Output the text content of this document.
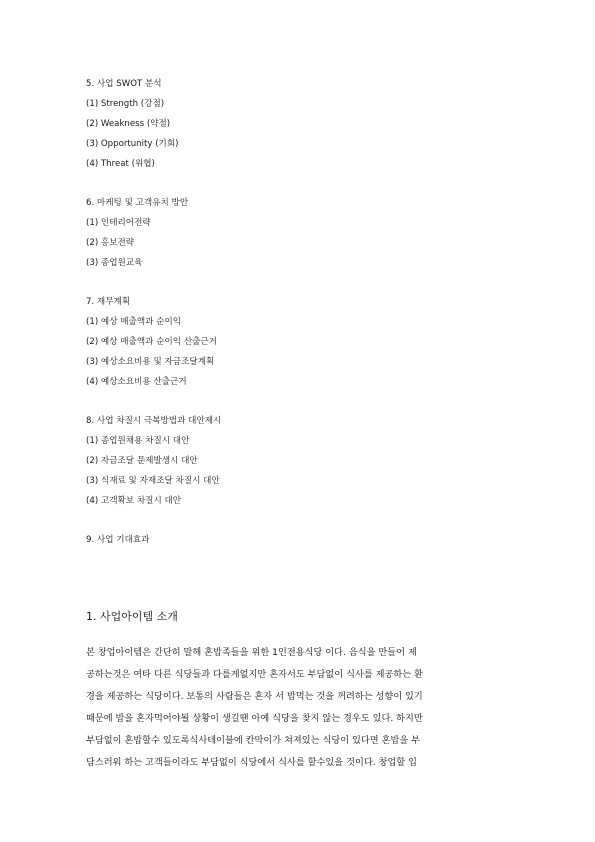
5. 사업 SWOT 분석
(1) Strength (강점)
(2) Weakness (약점)
(3) Opportunity (기회)
(4) Threat (위협)
6. 마케팅 및 고객유치 방안
(1) 인테리어전략
(2) 홍보전략
(3) 종업원교육
7. 재무계획
(1) 예상 매출액과 순이익
(2) 예상 매출액과 순이익 산출근거
(3) 예상소요비용 및 자금조달계획
(4) 예상소요비용 산출근거
8. 사업 차질시 극복방법과 대안제시
(1) 종업원채용 차질시 대안
(2) 자금조달 문제발생시 대안
(3) 식재료 및 자재조달 차질시 대안
(4) 고객확보 차질시 대안
9. 사업 기대효과
1. 사업아이템 소개

본 창업아이템은 간단히 말해 혼밥족들을 위한 1인전용식당 이다. 음식을 만들어 제
공하는것은 여타 다른 식당들과 다를게없지만 혼자서도 부담없이 식사를 제공하는 환
경을 제공하는 식당이다. 보통의 사람들은 혼자 서 밥먹는 것을 꺼려하는 성향이 있기
때문에 밥을 혼자먹어야될 상황이 생길땐 아예 식당을 찾지 않는 경우도 있다. 하지만
부담없이 혼밥할수 있도록식사테이블에 칸막이가 쳐져있는 식당이 있다면 혼밥을 부
담스러워 하는 고객들이라도 부담없이 식당에서 식사를 할수있을 것이다. 창업할 입
